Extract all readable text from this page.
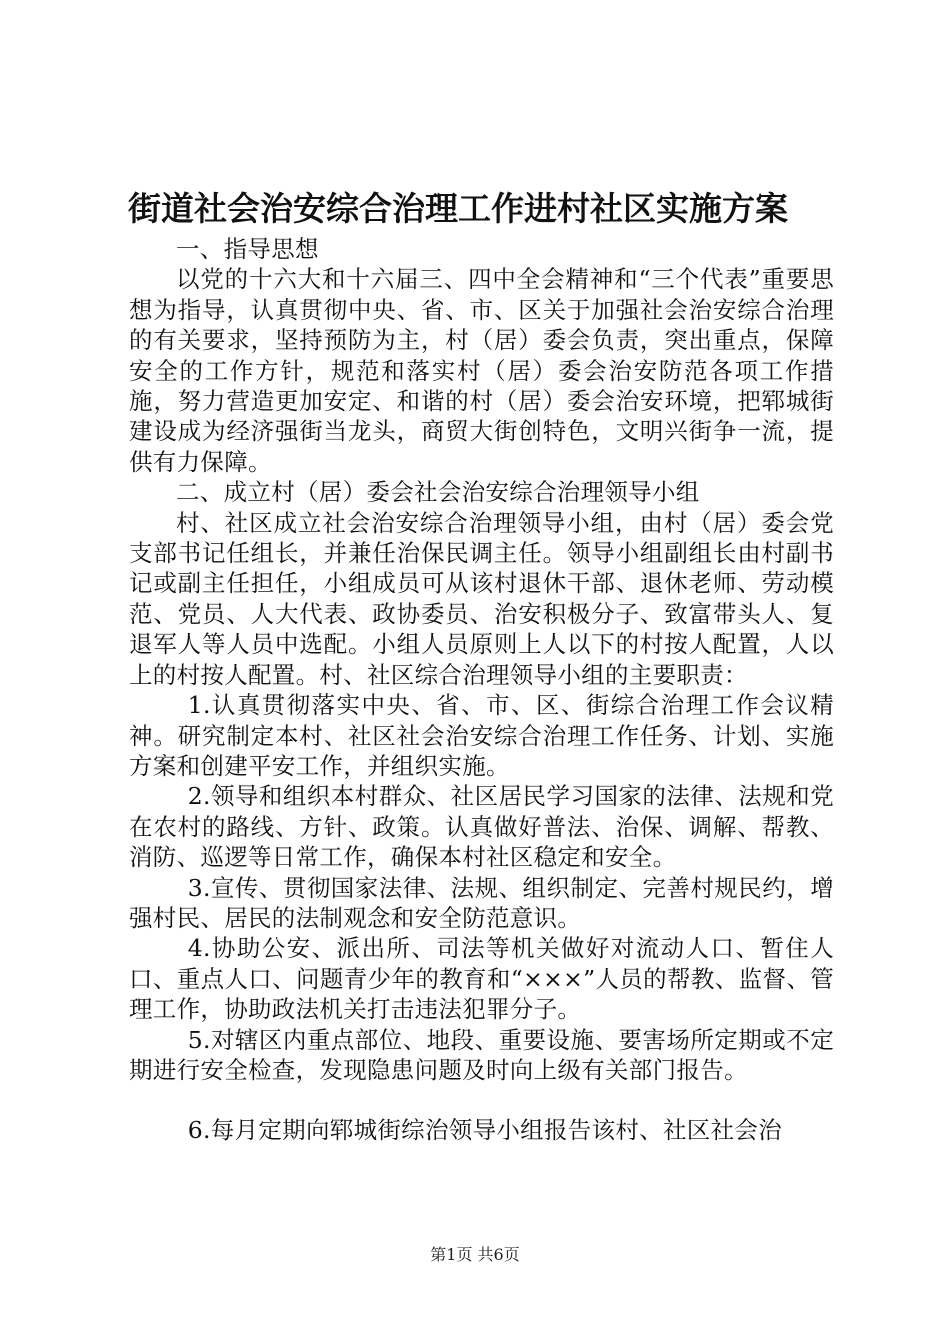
街道社会治安综合治理工作进村社区实施方案

一、指导思想

以党的十六大和十六届三、四中全会精神和“三个代表”重要思想为指导，认真贯彻中央、省、市、区关于加强社会治安综合治理的有关要求，坚持预防为主，村（居）委会负责，突出重点，保障安全的工作方针，规范和落实村（居）委会治安防范各项工作措施，努力营造更加安定、和谐的村（居）委会治安环境，把郓城街建设成为经济强街当龙头，商贸大街创特色，文明兴街争一流，提供有力保障。

二、成立村（居）委会社会治安综合治理领导小组

村、社区成立社会治安综合治理领导小组，由村（居）委会党支部书记任组长，并兼任治保民调主任。领导小组副组长由村副书记或副主任担任，小组成员可从该村退休干部、退休老师、劳动模范、党员、人大代表、政协委员、治安积极分子、致富带头人、复退军人等人员中选配。小组人员原则上人以下的村按人配置，人以上的村按人配置。村、社区综合治理领导小组的主要职责：

1.认真贯彻落实中央、省、市、区、街综合治理工作会议精神。研究制定本村、社区社会治安综合治理工作任务、计划、实施方案和创建平安工作，并组织实施。

2.领导和组织本村群众、社区居民学习国家的法律、法规和党在农村的路线、方针、政策。认真做好普法、治保、调解、帮教、消防、巡逻等日常工作，确保本村社区稳定和安全。

3.宣传、贯彻国家法律、法规、组织制定、完善村规民约，增强村民、居民的法制观念和安全防范意识。

4.协助公安、派出所、司法等机关做好对流动人口、暂住人口、重点人口、问题青少年的教育和“×××”人员的帮教、监督、管理工作，协助政法机关打击违法犯罪分子。

5.对辖区内重点部位、地段、重要设施、要害场所定期或不定期进行安全检查，发现隐患问题及时向上级有关部门报告。

6.每月定期向郓城街综治领导小组报告该村、社区社会治

第1页 共6页
